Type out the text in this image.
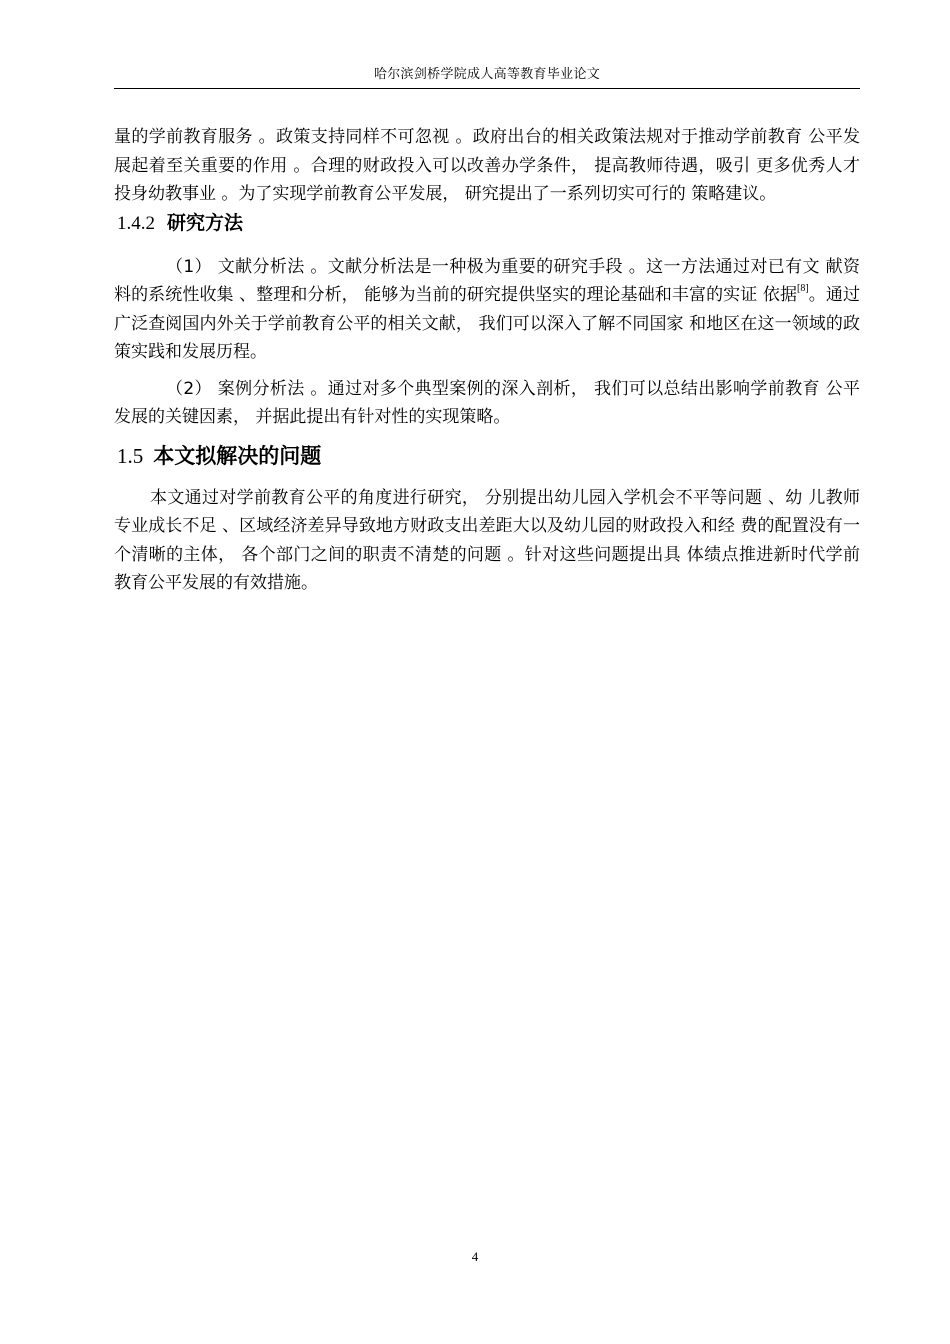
哈尔滨剑桥学院成人高等教育毕业论文

量的学前教育服务 。政策支持同样不可忽视 。政府出台的相关政策法规对于推动学前教育 公平发展起着至关重要的作用 。合理的财政投入可以改善办学条件， 提高教师待遇，吸引 更多优秀人才投身幼教事业 。为了实现学前教育公平发展， 研究提出了一系列切实可行的 策略建议。

1.4.2 研究方法

（1） 文献分析法 。文献分析法是一种极为重要的研究手段 。这一方法通过对已有文 献资料的系统性收集 、整理和分析， 能够为当前的研究提供坚实的理论基础和丰富的实证 依据[8]。通过广泛查阅国内外关于学前教育公平的相关文献， 我们可以深入了解不同国家 和地区在这一领域的政策实践和发展历程。

（2） 案例分析法 。通过对多个典型案例的深入剖析， 我们可以总结出影响学前教育 公平发展的关键因素， 并据此提出有针对性的实现策略。

1.5 本文拟解决的问题

本文通过对学前教育公平的角度进行研究， 分别提出幼儿园入学机会不平等问题 、幼 儿教师专业成长不足 、区域经济差异导致地方财政支出差距大以及幼儿园的财政投入和经 费的配置没有一个清晰的主体， 各个部门之间的职责不清楚的问题 。针对这些问题提出具 体绩点推进新时代学前教育公平发展的有效措施。

4
